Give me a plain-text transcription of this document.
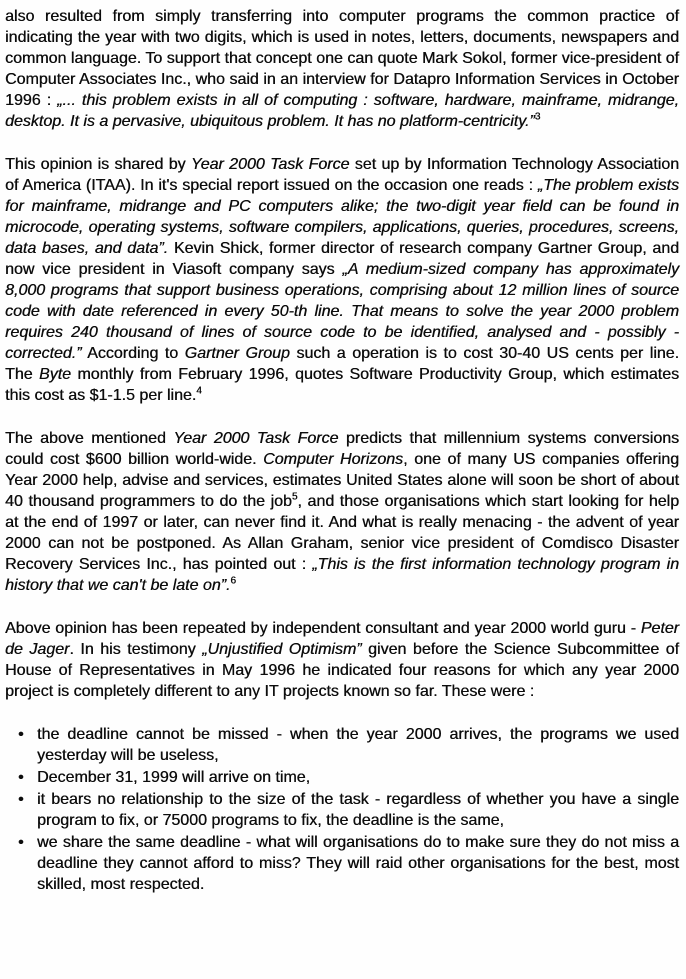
also resulted from simply transferring into computer programs the common practice of indicating the year with two digits, which is used in notes, letters, documents, newspapers and common language. To support that concept one can quote Mark Sokol, former vice-president of Computer Associates Inc., who said in an interview for Datapro Information Services in October 1996 : „... this problem exists in all of computing : software, hardware, mainframe, midrange, desktop. It is a pervasive, ubiquitous problem. It has no platform-centricity.”$^3$

This opinion is shared by Year 2000 Task Force set up by Information Technology Association of America (ITAA). In it's special report issued on the occasion one reads : „The problem exists for mainframe, midrange and PC computers alike; the two-digit year field can be found in microcode, operating systems, software compilers, applications, queries, procedures, screens, data bases, and data”. Kevin Shick, former director of research company Gartner Group, and now vice president in Viasoft company says „A medium-sized company has approximately 8,000 programs that support business operations, comprising about 12 million lines of source code with date referenced in every 50-th line. That means to solve the year 2000 problem requires 240 thousand of lines of source code to be identified, analysed and - possibly - corrected.” According to Gartner Group such a operation is to cost 30-40 US cents per line. The Byte monthly from February 1996, quotes Software Productivity Group, which estimates this cost as $1-1.5 per line.$^4$

The above mentioned Year 2000 Task Force predicts that millennium systems conversions could cost $600 billion world-wide. Computer Horizons, one of many US companies offering Year 2000 help, advise and services, estimates United States alone will soon be short of about 40 thousand programmers to do the job$^5$, and those organisations which start looking for help at the end of 1997 or later, can never find it. And what is really menacing - the advent of year 2000 can not be postponed. As Allan Graham, senior vice president of Comdisco Disaster Recovery Services Inc., has pointed out : „This is the first information technology program in history that we can't be late on”.$^6$

Above opinion has been repeated by independent consultant and year 2000 world guru - Peter de Jager. In his testimony „Unjustified Optimism” given before the Science Subcommittee of House of Representatives in May 1996 he indicated four reasons for which any year 2000 project is completely different to any IT projects known so far. These were :

• the deadline cannot be missed - when the year 2000 arrives, the programs we used yesterday will be useless,
• December 31, 1999 will arrive on time,
• it bears no relationship to the size of the task - regardless of whether you have a single program to fix, or 75000 programs to fix, the deadline is the same,
• we share the same deadline - what will organisations do to make sure they do not miss a deadline they cannot afford to miss? They will raid other organisations for the best, most skilled, most respected.
